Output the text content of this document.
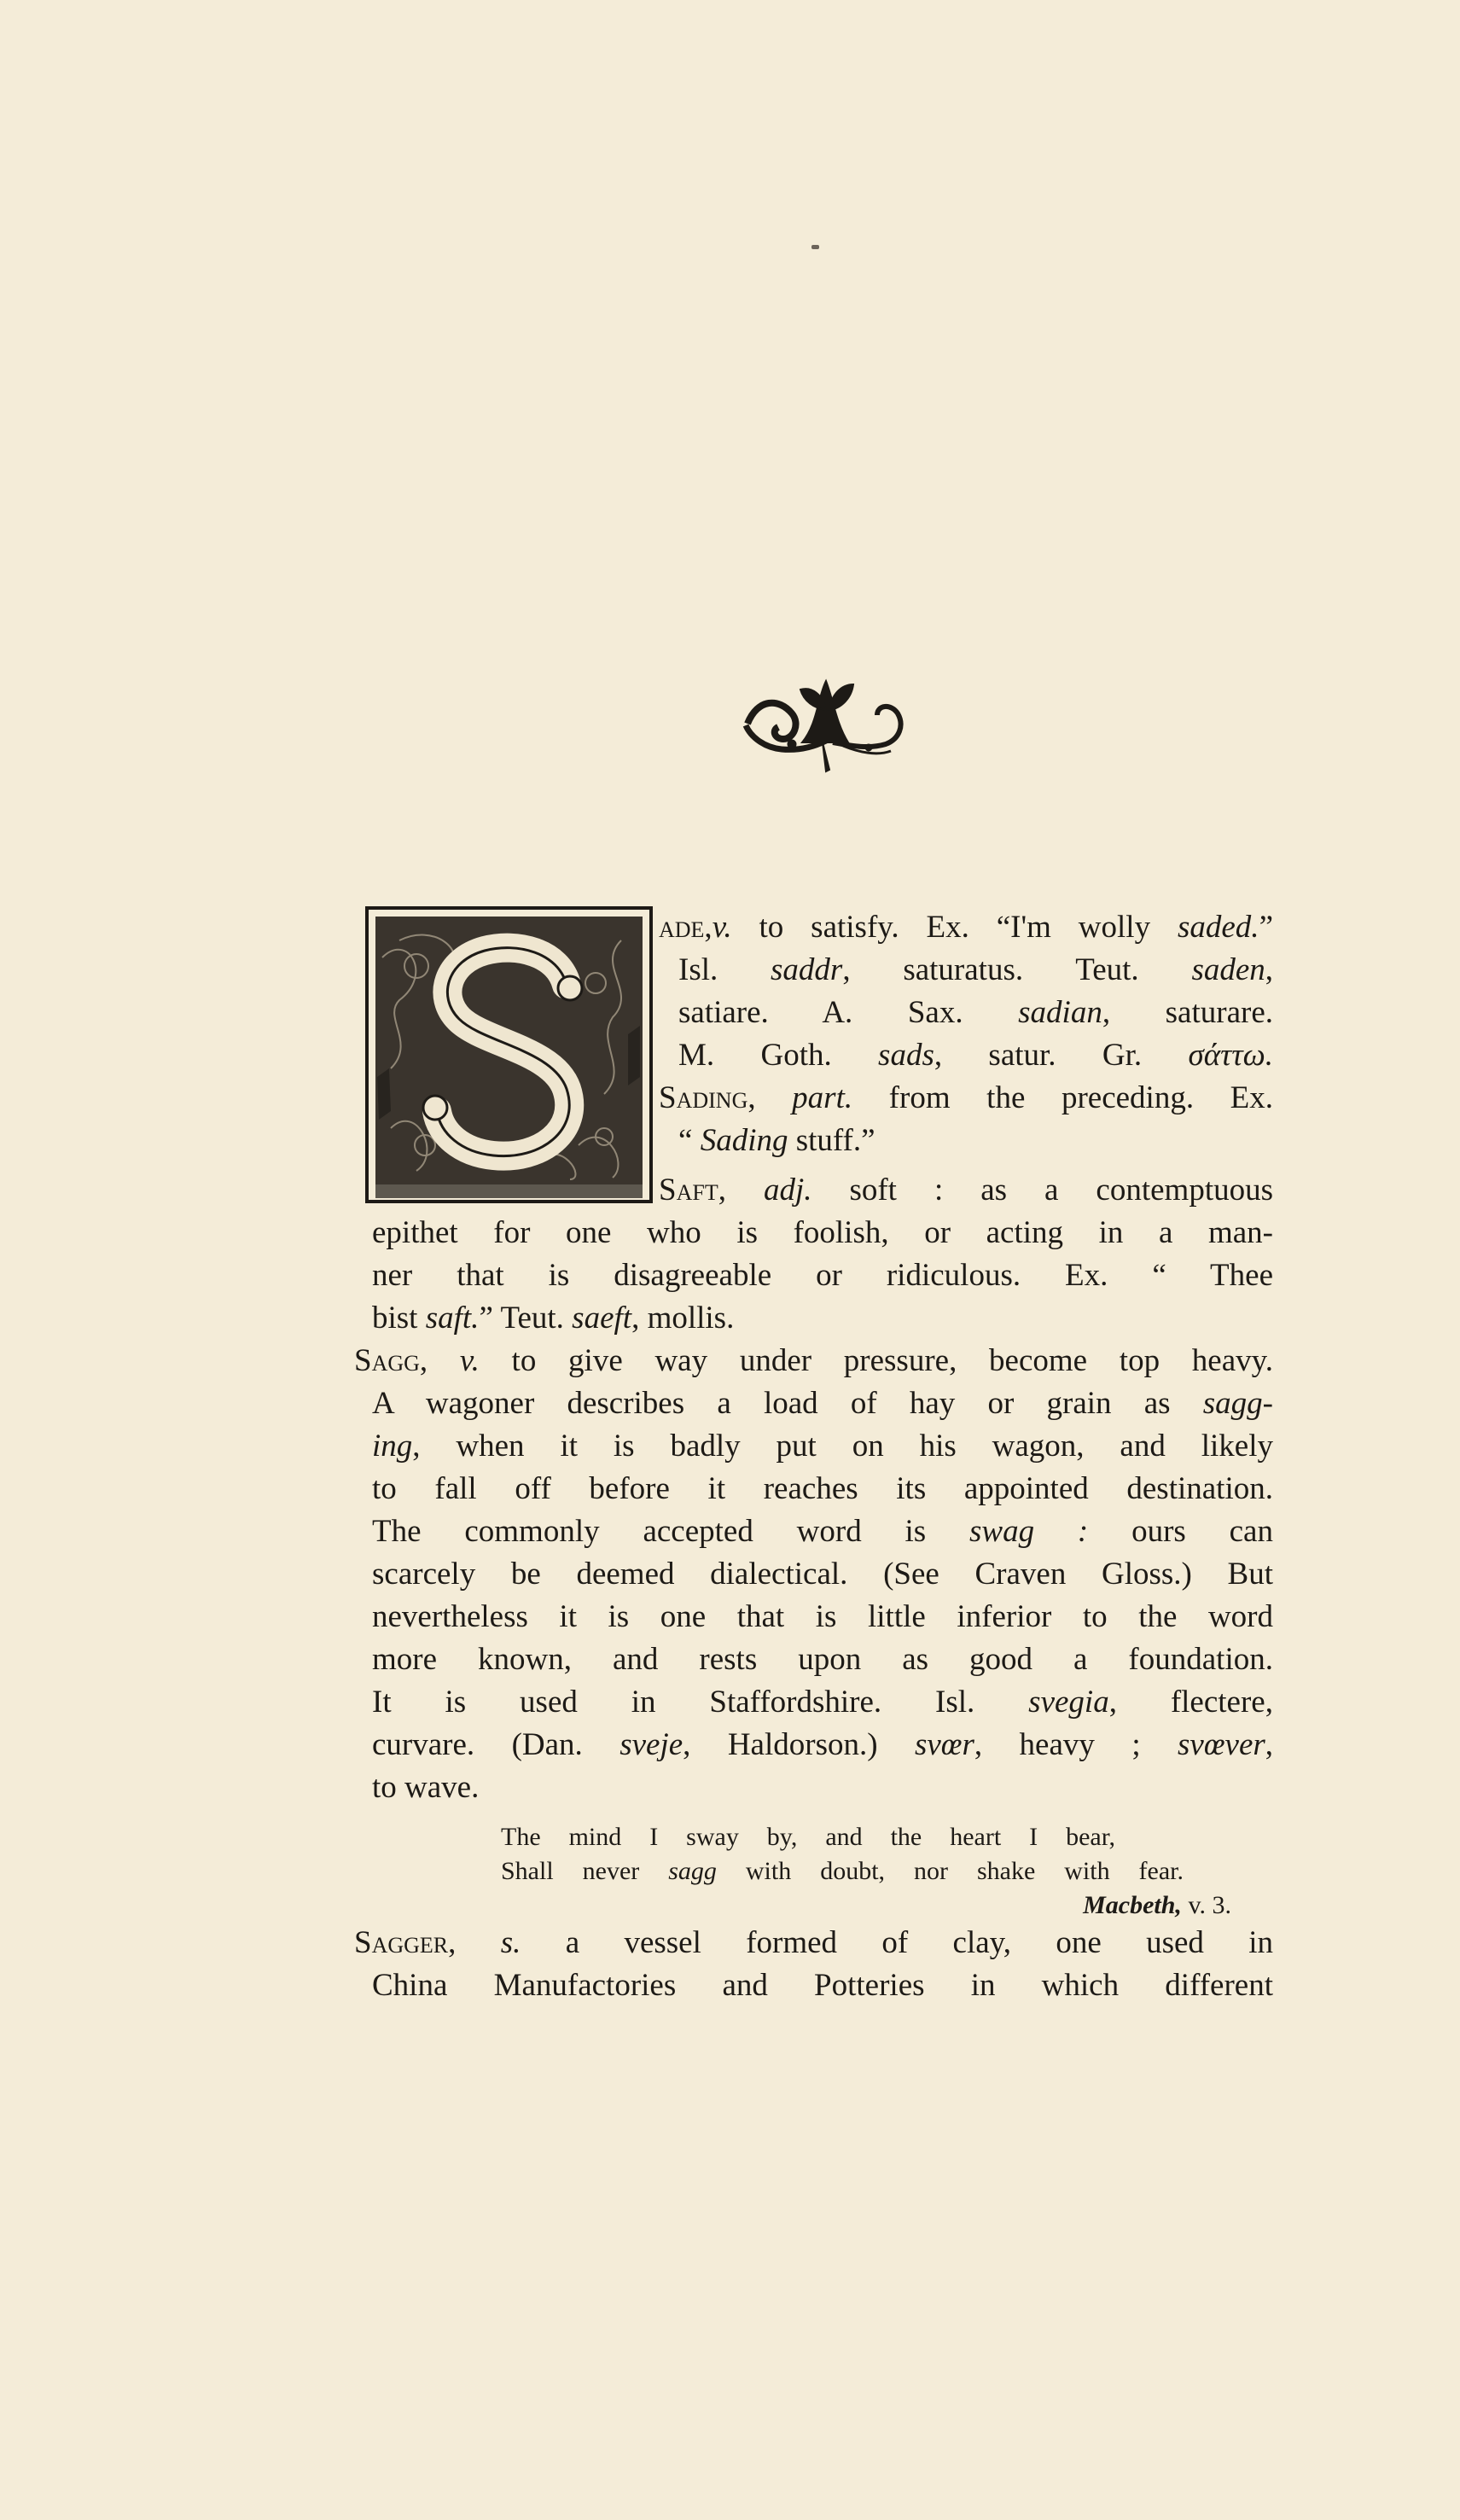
ade,v. to satisfy. Ex. “I'm wolly saded.”
Isl. saddr, saturatus. Teut. saden,
satiare. A. Sax. sadian, saturare.
M. Goth. sads, satur. Gr. σάττω.
Sading, part. from the preceding. Ex.
“ Sading stuff.”
Saft, adj. soft : as a contemptuous
epithet for one who is foolish, or acting in a man-
ner that is disagreeable or ridiculous. Ex. “ Thee
bist saft.” Teut. saeft, mollis.
Sagg, v. to give way under pressure, become top heavy.
A wagoner describes a load of hay or grain as sagg-
ing, when it is badly put on his wagon, and likely
to fall off before it reaches its appointed destination.
The commonly accepted word is swag : ours can
scarcely be deemed dialectical. (See Craven Gloss.) But
nevertheless it is one that is little inferior to the word
more known, and rests upon as good a foundation.
It is used in Staffordshire. Isl. svegia, flectere,
curvare. (Dan. sveje, Haldorson.) svœr, heavy ; svœver,
to wave.
The mind I sway by, and the heart I bear,
Shall never sagg with doubt, nor shake with fear.
Macbeth, v. 3.
Sagger, s. a vessel formed of clay, one used in
China Manufactories and Potteries in which different
